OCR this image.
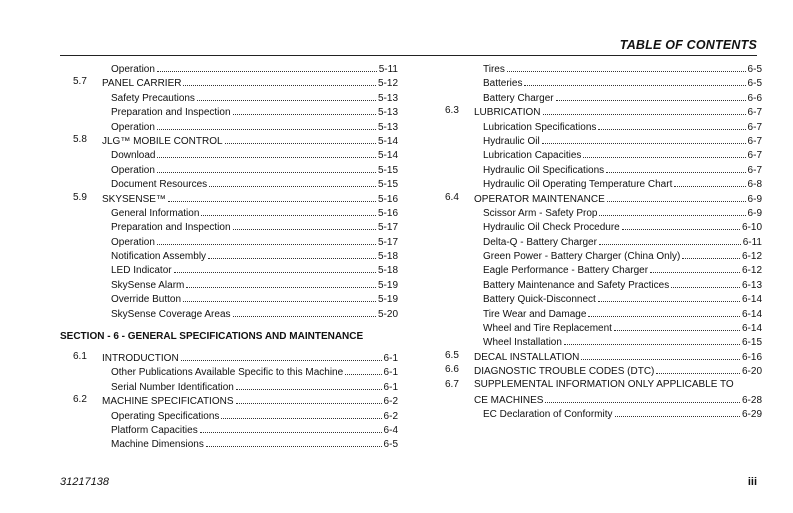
TABLE OF CONTENTS
Operation	5-11
5.7	PANEL CARRIER	5-12
Safety Precautions	5-13
Preparation and Inspection	5-13
Operation	5-13
5.8	JLG™ MOBILE CONTROL	5-14
Download	5-14
Operation	5-15
Document Resources	5-15
5.9	SKYSENSE™	5-16
General Information	5-16
Preparation and Inspection	5-17
Operation	5-17
Notification Assembly	5-18
LED Indicator	5-18
SkySense Alarm	5-19
Override Button	5-19
SkySense Coverage Areas	5-20
SECTION - 6 - GENERAL SPECIFICATIONS AND MAINTENANCE
6.1	INTRODUCTION	6-1
Other Publications Available Specific to this Machine	6-1
Serial Number Identification	6-1
6.2	MACHINE SPECIFICATIONS	6-2
Operating Specifications	6-2
Platform Capacities	6-4
Machine Dimensions	6-5
Tires	6-5
Batteries	6-5
Battery Charger	6-6
6.3	LUBRICATION	6-7
Lubrication Specifications	6-7
Hydraulic Oil	6-7
Lubrication Capacities	6-7
Hydraulic Oil Specifications	6-7
Hydraulic Oil Operating Temperature Chart	6-8
6.4	OPERATOR MAINTENANCE	6-9
Scissor Arm - Safety Prop	6-9
Hydraulic Oil Check Procedure	6-10
Delta-Q - Battery Charger	6-11
Green Power - Battery Charger (China Only)	6-12
Eagle Performance - Battery Charger	6-12
Battery Maintenance and Safety Practices	6-13
Battery Quick-Disconnect	6-14
Tire Wear and Damage	6-14
Wheel and Tire Replacement	6-14
Wheel Installation	6-15
6.5	DECAL INSTALLATION	6-16
6.6	DIAGNOSTIC TROUBLE CODES (DTC)	6-20
6.7	SUPPLEMENTAL INFORMATION ONLY APPLICABLE TO
CE MACHINES	6-28
EC Declaration of Conformity	6-29
31217138	iii
